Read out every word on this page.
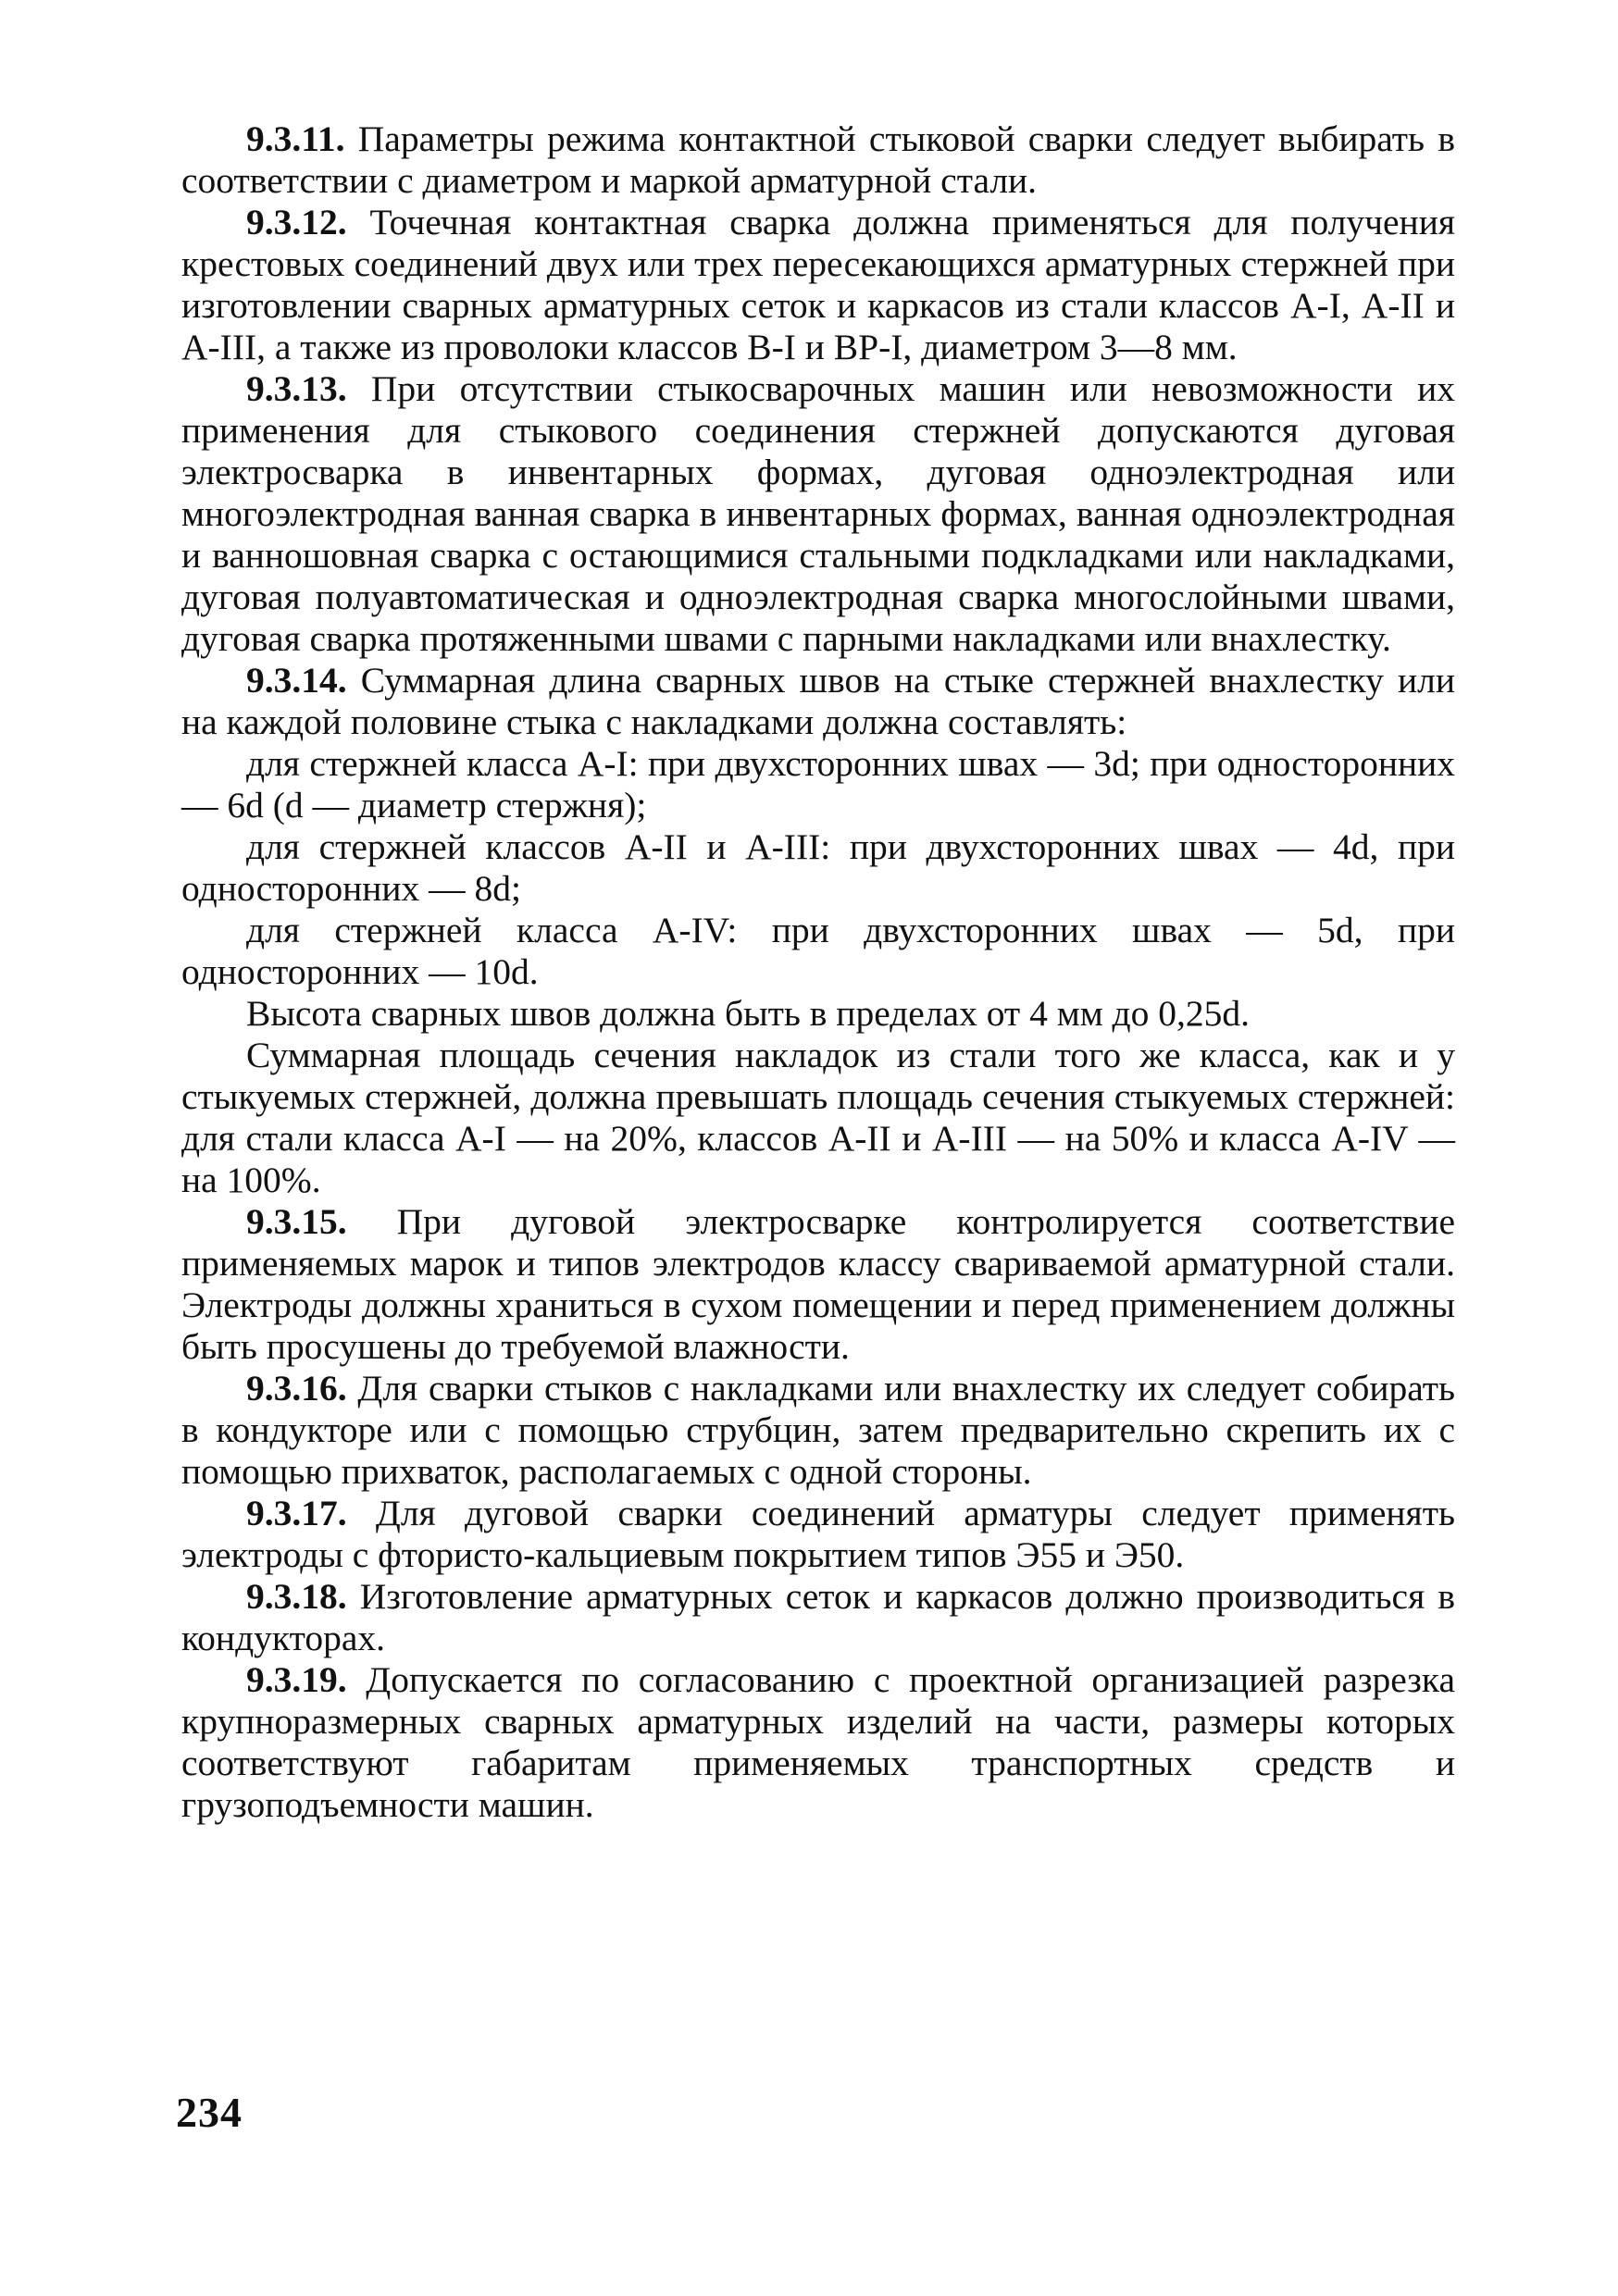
9.3.11. Параметры режима контактной стыковой сварки следует выбирать в соответствии с диаметром и маркой арматурной стали.

9.3.12. Точечная контактная сварка должна применяться для получения крестовых соединений двух или трех пересекающихся арматурных стержней при изготовлении сварных арматурных сеток и каркасов из стали классов А-I, А-II и А-III, а также из проволоки классов В-I и ВР-I, диаметром 3—8 мм.

9.3.13. При отсутствии стыкосварочных машин или невозможности их применения для стыкового соединения стержней допускаются дуговая электросварка в инвентарных формах, дуговая одноэлектродная или многоэлектродная ванная сварка в инвентарных формах, ванная одноэлектродная и ванношовная сварка с остающимися стальными подкладками или накладками, дуговая полуавтоматическая и одноэлектродная сварка многослойными швами, дуговая сварка протяженными швами с парными накладками или внахлестку.

9.3.14. Суммарная длина сварных швов на стыке стержней внахлестку или на каждой половине стыка с накладками должна составлять:

для стержней класса А-I: при двухсторонних швах — 3d; при односторонних — 6d (d — диаметр стержня);

для стержней классов А-II и А-III: при двухсторонних швах — 4d, при односторонних — 8d;

для стержней класса А-IV: при двухсторонних швах — 5d, при односторонних — 10d.

Высота сварных швов должна быть в пределах от 4 мм до 0,25d.

Суммарная площадь сечения накладок из стали того же класса, как и у стыкуемых стержней, должна превышать площадь сечения стыкуемых стержней: для стали класса А-I — на 20%, классов А-II и А-III — на 50% и класса А-IV — на 100%.

9.3.15. При дуговой электросварке контролируется соответствие применяемых марок и типов электродов классу свариваемой арматурной стали. Электроды должны храниться в сухом помещении и перед применением должны быть просушены до требуемой влажности.

9.3.16. Для сварки стыков с накладками или внахлестку их следует собирать в кондукторе или с помощью струбцин, затем предварительно скрепить их с помощью прихваток, располагаемых с одной стороны.

9.3.17. Для дуговой сварки соединений арматуры следует применять электроды с фтористо-кальциевым покрытием типов Э55 и Э50.

9.3.18. Изготовление арматурных сеток и каркасов должно производиться в кондукторах.

9.3.19. Допускается по согласованию с проектной организацией разрезка крупноразмерных сварных арматурных изделий на части, размеры которых соответствуют габаритам применяемых транспортных средств и грузоподъемности машин.

234
